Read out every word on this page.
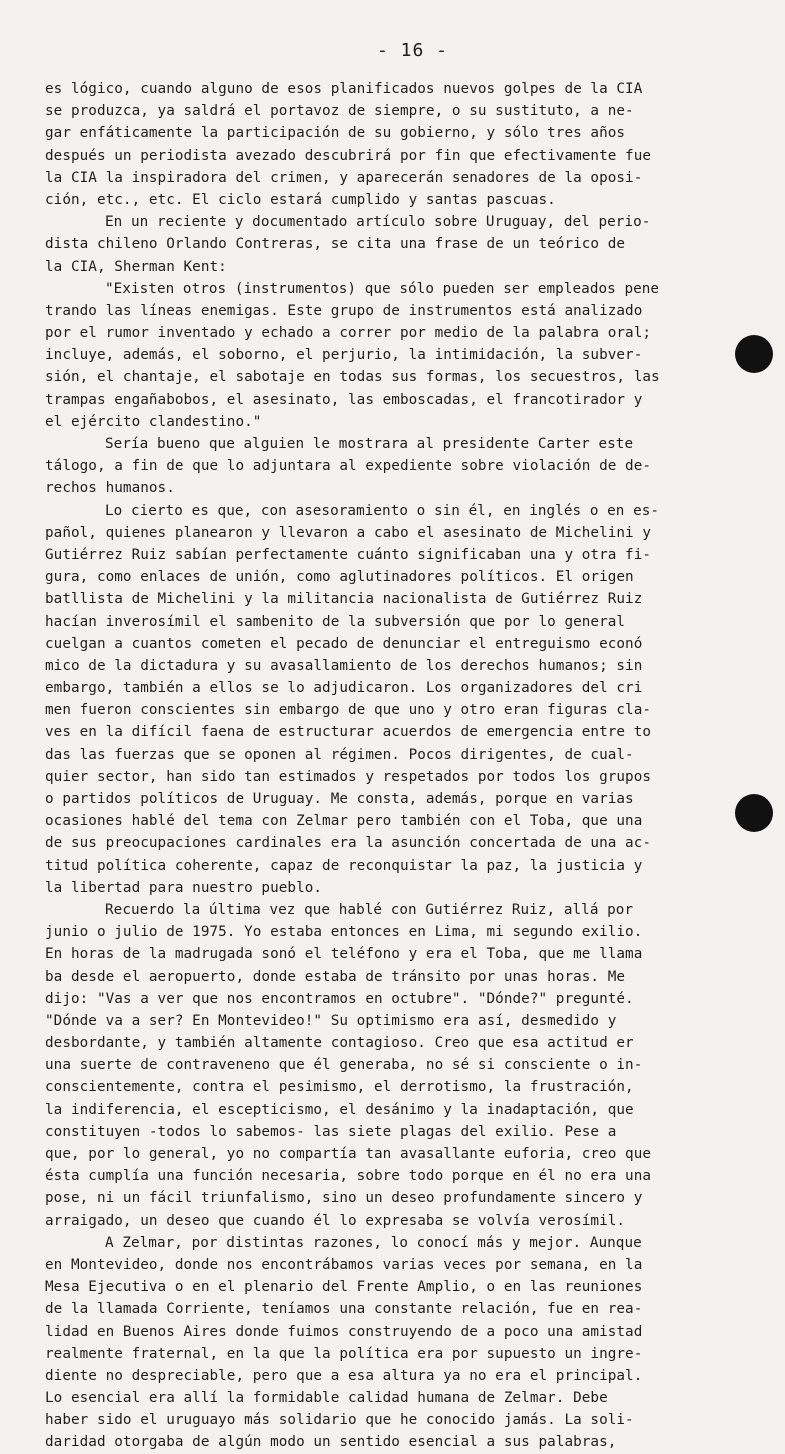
- 16 -
es lógico, cuando alguno de esos planificados nuevos golpes de la CIA
se produzca, ya saldrá el portavoz de siempre, o su sustituto, a ne-
gar enfáticamente la participación de su gobierno, y sólo tres años
después un periodista avezado descubrirá por fin que efectivamente fue
la CIA la inspiradora del crimen, y aparecerán senadores de la oposi-
ción, etc., etc. El ciclo estará cumplido y santas pascuas.
En un reciente y documentado artículo sobre Uruguay, del perio-
dista chileno Orlando Contreras, se cita una frase de un teórico de
la CIA, Sherman Kent:
"Existen otros (instrumentos) que sólo pueden ser empleados pene
trando las líneas enemigas. Este grupo de instrumentos está analizado
por el rumor inventado y echado a correr por medio de la palabra oral;
incluye, además, el soborno, el perjurio, la intimidación, la subver-
sión, el chantaje, el sabotaje en todas sus formas, los secuestros, las
trampas engañabobos, el asesinato, las emboscadas, el francotirador y
el ejército clandestino."
Sería bueno que alguien le mostrara al presidente Carter este
tálogo, a fin de que lo adjuntara al expediente sobre violación de de-
rechos humanos.
Lo cierto es que, con asesoramiento o sin él, en inglés o en es-
pañol, quienes planearon y llevaron a cabo el asesinato de Michelini y
Gutiérrez Ruiz sabían perfectamente cuánto significaban una y otra fi-
gura, como enlaces de unión, como aglutinadores políticos. El origen
batllista de Michelini y la militancia nacionalista de Gutiérrez Ruiz
hacían inverosímil el sambenito de la subversión que por lo general
cuelgan a cuantos cometen el pecado de denunciar el entreguismo econó
mico de la dictadura y su avasallamiento de los derechos humanos; sin
embargo, también a ellos se lo adjudicaron. Los organizadores del cri
men fueron conscientes sin embargo de que uno y otro eran figuras cla-
ves en la difícil faena de estructurar acuerdos de emergencia entre to
das las fuerzas que se oponen al régimen. Pocos dirigentes, de cual-
quier sector, han sido tan estimados y respetados por todos los grupos
o partidos políticos de Uruguay. Me consta, además, porque en varias
ocasiones hablé del tema con Zelmar pero también con el Toba, que una
de sus preocupaciones cardinales era la asunción concertada de una ac-
titud política coherente, capaz de reconquistar la paz, la justicia y
la libertad para nuestro pueblo.
Recuerdo la última vez que hablé con Gutiérrez Ruiz, allá por
junio o julio de 1975. Yo estaba entonces en Lima, mi segundo exilio.
En horas de la madrugada sonó el teléfono y era el Toba, que me llama
ba desde el aeropuerto, donde estaba de tránsito por unas horas. Me
dijo: "Vas a ver que nos encontramos en octubre". "Dónde?" pregunté.
"Dónde va a ser? En Montevideo!" Su optimismo era así, desmedido y
desbordante, y también altamente contagioso. Creo que esa actitud er
una suerte de contraveneno que él generaba, no sé si consciente o in-
conscientemente, contra el pesimismo, el derrotismo, la frustración,
la indiferencia, el escepticismo, el desánimo y la inadaptación, que
constituyen -todos lo sabemos- las siete plagas del exilio. Pese a
que, por lo general, yo no compartía tan avasallante euforia, creo que
ésta cumplía una función necesaria, sobre todo porque en él no era una
pose, ni un fácil triunfalismo, sino un deseo profundamente sincero y
arraigado, un deseo que cuando él lo expresaba se volvía verosímil.
A Zelmar, por distintas razones, lo conocí más y mejor. Aunque
en Montevideo, donde nos encontrábamos varias veces por semana, en la
Mesa Ejecutiva o en el plenario del Frente Amplio, o en las reuniones
de la llamada Corriente, teníamos una constante relación, fue en rea-
lidad en Buenos Aires donde fuimos construyendo de a poco una amistad
realmente fraternal, en la que la política era por supuesto un ingre-
diente no despreciable, pero que a esa altura ya no era el principal.
Lo esencial era allí la formidable calidad humana de Zelmar. Debe
haber sido el uruguayo más solidario que he conocido jamás. La soli-
daridad otorgaba de algún modo un sentido esencial a sus palabras,
